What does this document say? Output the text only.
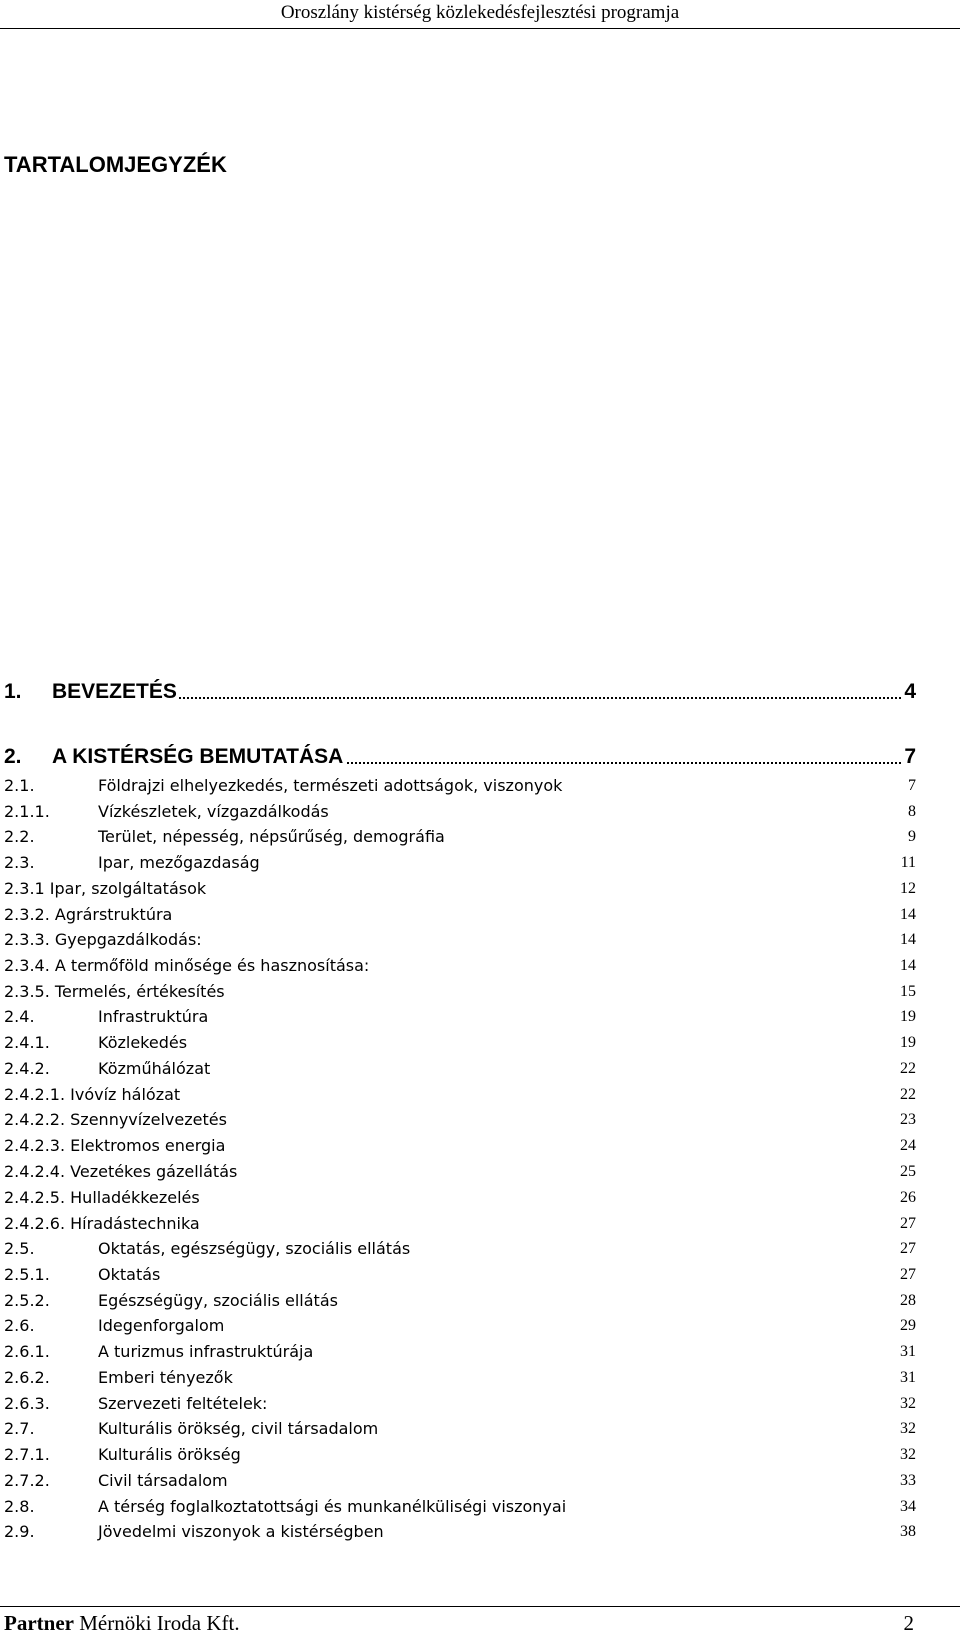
Oroszlány kistérség közlekedésfejlesztési programja
TARTALOMJEGYZÉK
1. BEVEZETÉS	4
2. A KISTÉRSÉG BEMUTATÁSA	7
2.1.	Földrajzi elhelyezkedés, természeti adottságok, viszonyok	7
2.1.1.	Vízkészletek, vízgazdálkodás	8
2.2.	Terület, népesség, népsűrűség, demográfia	9
2.3.	Ipar, mezőgazdaság	11
2.3.1 Ipar, szolgáltatások	12
2.3.2. Agrárstruktúra	14
2.3.3. Gyepgazdálkodás:	14
2.3.4. A termőföld minősége és hasznosítása:	14
2.3.5. Termelés, értékesítés	15
2.4.	Infrastruktúra	19
2.4.1.	Közlekedés	19
2.4.2.	Közműhálózat	22
2.4.2.1. Ivóvíz hálózat	22
2.4.2.2. Szennyvízelvezetés	23
2.4.2.3. Elektromos energia	24
2.4.2.4. Vezetékes gázellátás	25
2.4.2.5. Hulladékkezelés	26
2.4.2.6. Híradástechnika	27
2.5.	Oktatás, egészségügy, szociális ellátás	27
2.5.1.	Oktatás	27
2.5.2.	Egészségügy, szociális ellátás	28
2.6.	Idegenforgalom	29
2.6.1.	A turizmus infrastruktúrája	31
2.6.2.	Emberi tényezők	31
2.6.3.	Szervezeti feltételek:	32
2.7.	Kulturális örökség, civil társadalom	32
2.7.1.	Kulturális örökség	32
2.7.2.	Civil társadalom	33
2.8.	A térség foglalkoztatottsági és munkanélküliségi viszonyai	34
2.9.	Jövedelmi viszonyok a kistérségben	38
Partner Mérnöki Iroda Kft.	2
